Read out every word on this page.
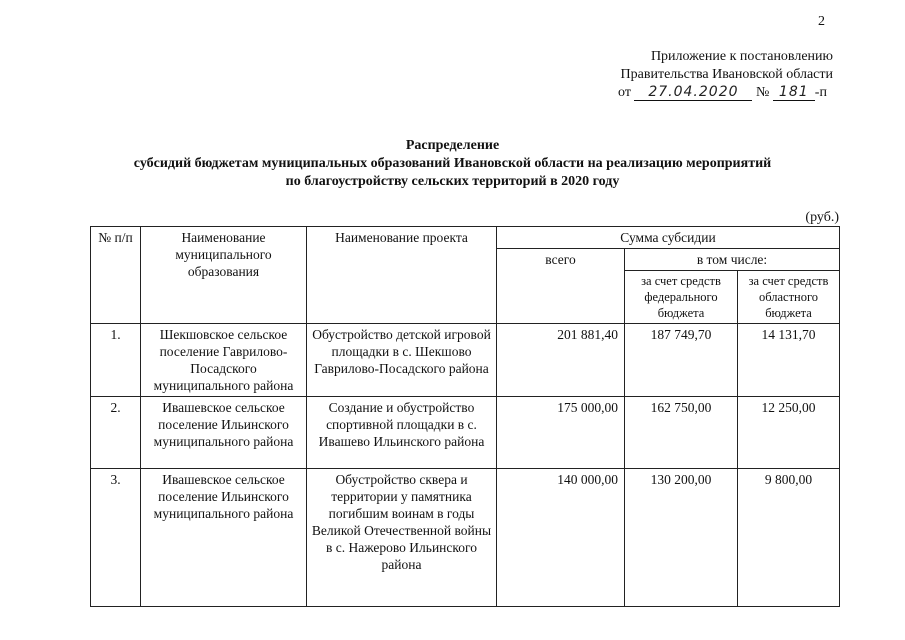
2
Приложение к постановлению
Правительства Ивановской области
от 27.04.2020 № 181 -п
Распределение
субсидий бюджетам муниципальных образований Ивановской области на реализацию мероприятий
по благоустройству сельских территорий в 2020 году
(руб.)
№ п/п	Наименование муниципального образования	Наименование проекта	Сумма субсидии		
			всего	в том числе:	
				за счет средств федерального бюджета	за счет средств областного бюджета
1.	Шекшовское сельское поселение Гаврилово-Посадского муниципального района	Обустройство детской игровой площадки в с. Шекшово Гаврилово-Посадского района	201 881,40	187 749,70	14 131,70
2.	Ивашевское сельское поселение Ильинского муниципального района	Создание и обустройство спортивной площадки в с. Ивашево Ильинского района	175 000,00	162 750,00	12 250,00
3.	Ивашевское сельское поселение Ильинского муниципального района	Обустройство сквера и территории у памятника погибшим воинам в годы Великой Отечественной войны в с. Нажерово Ильинского района	140 000,00	130 200,00	9 800,00
